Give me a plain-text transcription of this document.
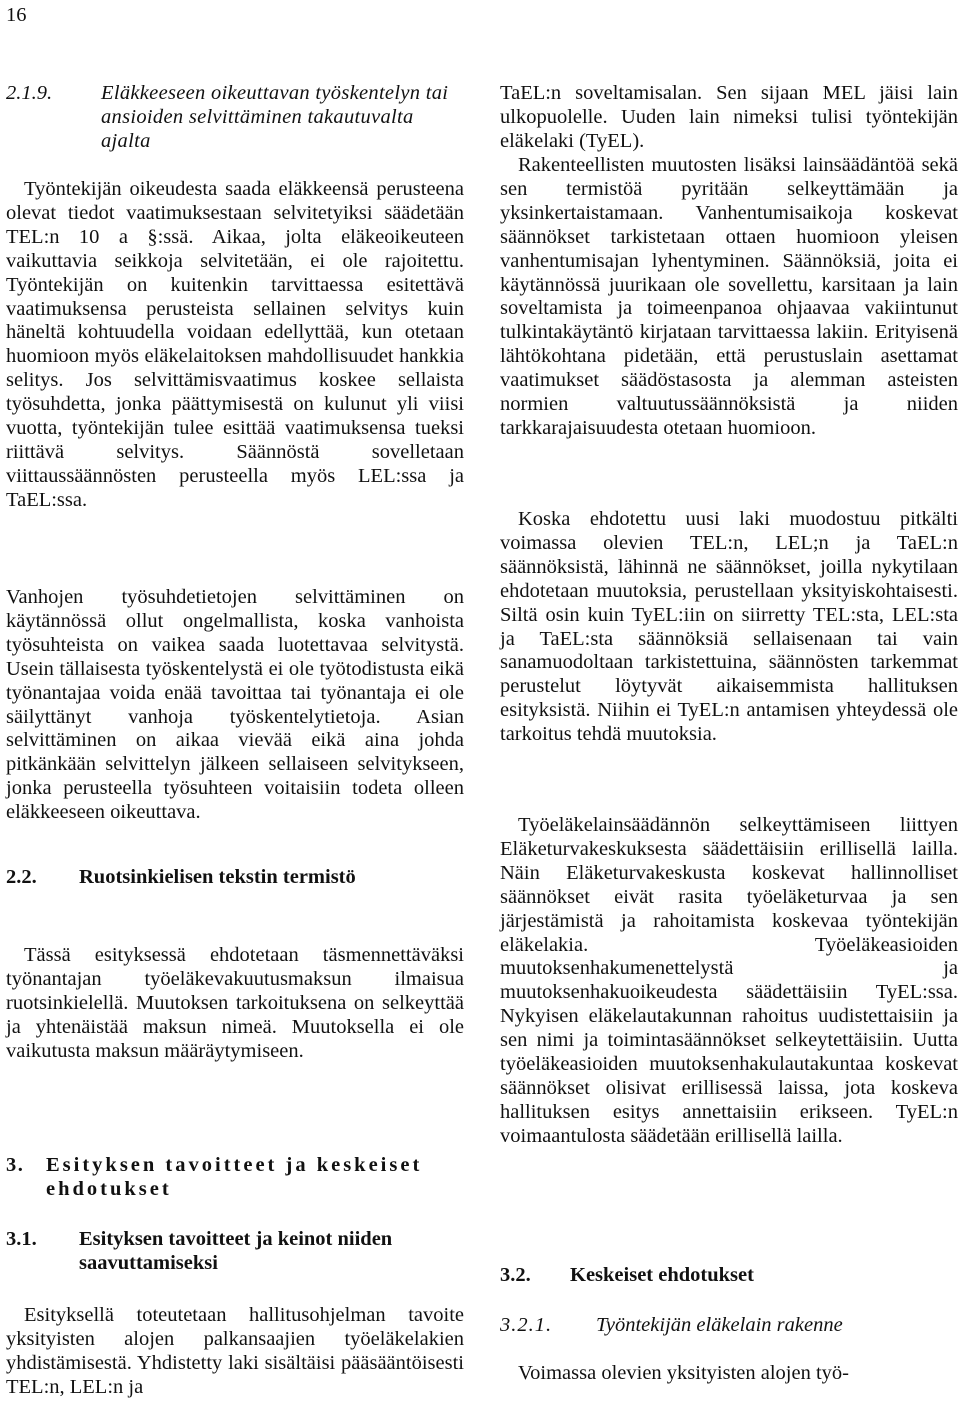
16
2.1.9. Eläkkeeseen oikeuttavan työskentelyn tai ansioiden selvittäminen takautuvalta ajalta

Työntekijän oikeudesta saada eläkkeensä perusteena olevat tiedot vaatimuksestaan selvitetyiksi säädetään TEL:n 10 a §:ssä. Aikaa, jolta eläkeoikeuteen vaikuttavia seikkoja selvitetään, ei ole rajoitettu. Työntekijän on kuitenkin tarvittaessa esitettävä vaatimuksensa perusteista sellainen selvitys kuin häneltä kohtuudella voidaan edellyttää, kun otetaan huomioon myös eläkelaitoksen mahdollisuudet hankkia selitys. Jos selvittämisvaatimus koskee sellaista työsuhdetta, jonka päättymisestä on kulunut yli viisi vuotta, työntekijän tulee esittää vaatimuksensa tueksi riittävä selvitys. Säännöstä sovelletaan viittaussäännösten perusteella myös LEL:ssa ja TaEL:ssa.

Vanhojen työsuhdetietojen selvittäminen on käytännössä ollut ongelmallista, koska vanhoista työsuhteista on vaikea saada luotettavaa selvitystä. Usein tällaisesta työskentelystä ei ole työtodistusta eikä työnantajaa voida enää tavoittaa tai työnantaja ei ole säilyttänyt vanhoja työskentelytietoja. Asian selvittäminen on aikaa vievää eikä aina johda pitkänkään selvittelyn jälkeen sellaiseen selvitykseen, jonka perusteella työsuhteen voitaisiin todeta olleen eläkkeeseen oikeuttava.

2.2. Ruotsinkielisen tekstin termistö

Tässä esityksessä ehdotetaan täsmennettäväksi työnantajan työeläkevakuutusmaksun ilmaisua ruotsinkielellä. Muutoksen tarkoituksena on selkeyttää ja yhtenäistää maksun nimeä. Muutoksella ei ole vaikutusta maksun määräytymiseen.

3. Esityksen tavoitteet ja keskeiset ehdotukset
3.1. Esityksen tavoitteet ja keinot niiden saavuttamiseksi

Esityksellä toteutetaan hallitusohjelman tavoite yksityisten alojen palkansaajien työeläkelakien yhdistämisestä. Yhdistetty laki sisältäisi pääsääntöisesti TEL:n, LEL:n ja

TaEL:n soveltamisalan. Sen sijaan MEL jäisi lain ulkopuolelle. Uuden lain nimeksi tulisi työntekijän eläkelaki (TyEL).

Rakenteellisten muutosten lisäksi lainsäädäntöä sekä sen termistöä pyritään selkeyttämään ja yksinkertaistamaan. Vanhentumisaikoja koskevat säännökset tarkistetaan ottaen huomioon yleisen vanhentumisajan lyhentyminen. Säännöksiä, joita ei käytännössä juurikaan ole sovellettu, karsitaan ja lain soveltamista ja toimeenpanoa ohjaavaa vakiintunut tulkintakäytäntö kirjataan tarvittaessa lakiin. Erityisenä lähtökohtana pidetään, että perustuslain asettamat vaatimukset säädöstasosta ja alemman asteisten normien valtuutussäännöksistä ja niiden tarkkarajaisuudesta otetaan huomioon.

Koska ehdotettu uusi laki muodostuu pitkälti voimassa olevien TEL:n, LEL;n ja TaEL:n säännöksistä, lähinnä ne säännökset, joilla nykytilaan ehdotetaan muutoksia, perustellaan yksityiskohtaisesti. Siltä osin kuin TyEL:iin on siirretty TEL:sta, LEL:sta ja TaEL:sta säännöksiä sellaisenaan tai vain sanamuodoltaan tarkistettuina, säännösten tarkemmat perustelut löytyvät aikaisemmista hallituksen esityksistä. Niihin ei TyEL:n antamisen yhteydessä ole tarkoitus tehdä muutoksia.

Työeläkelainsäädännön selkeyttämiseen liittyen Eläketurvakeskuksesta säädettäisiin erillisellä lailla. Näin Eläketurvakeskusta koskevat hallinnolliset säännökset eivät rasita työeläketurvaa ja sen järjestämistä ja rahoitamista koskevaa työntekijän eläkelakia. Työeläkeasioiden muutoksenhakumenettelystä ja muutoksenhakuoikeudesta säädettäisiin TyEL:ssa. Nykyisen eläkelautakunnan rahoitus uudistettaisiin ja sen nimi ja toimintasäännökset selkeytettäisiin. Uutta työeläkeasioiden muutoksenhakulautakuntaa koskevat säännökset olisivat erillisessä laissa, jota koskeva hallituksen esitys annettaisiin erikseen. TyEL:n voimaantulosta säädetään erillisellä lailla.

3.2. Keskeiset ehdotukset
3.2.1. Työntekijän eläkelain rakenne

Voimassa olevien yksityisten alojen työ-
